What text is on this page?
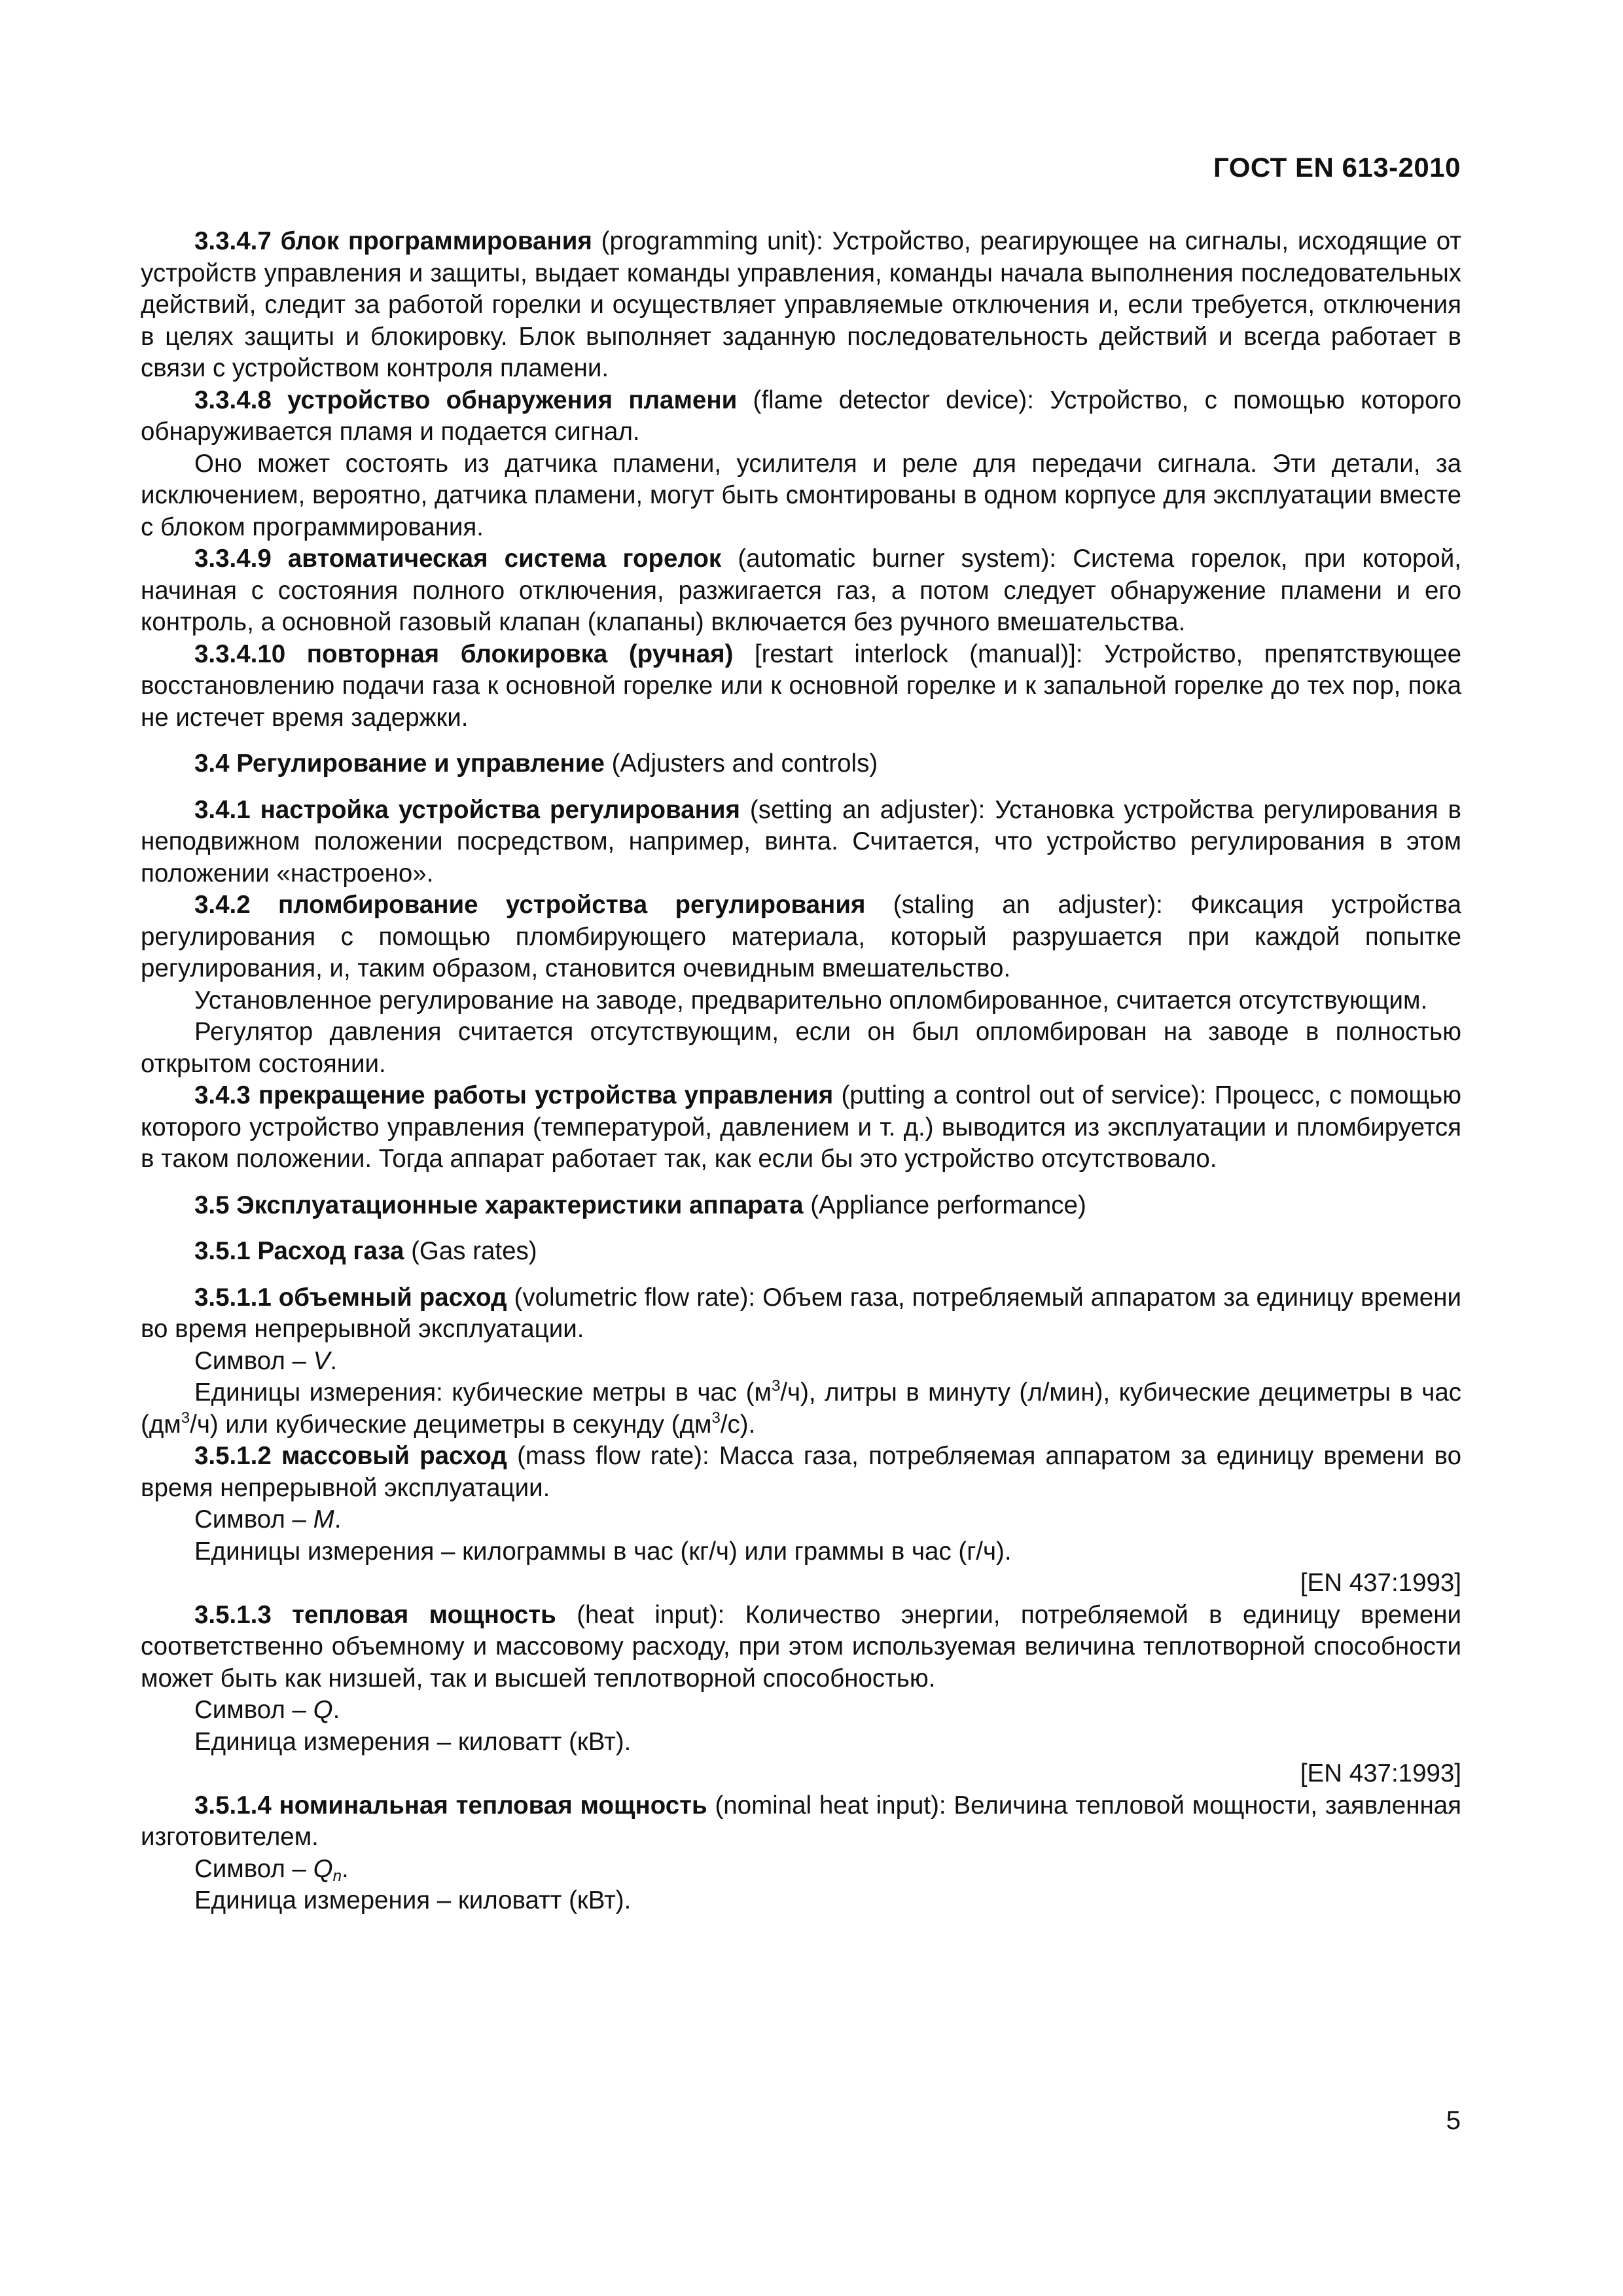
ГОСТ EN 613-2010

3.3.4.7 блок программирования (programming unit): Устройство, реагирующее на сигналы, исходящие от устройств управления и защиты, выдает команды управления, команды начала выполнения последовательных действий, следит за работой горелки и осуществляет управляемые отключения и, если требуется, отключения в целях защиты и блокировку. Блок выполняет заданную последовательность действий и всегда работает в связи с устройством контроля пламени.

3.3.4.8 устройство обнаружения пламени (flame detector device): Устройство, с помощью которого обнаруживается пламя и подается сигнал.

Оно может состоять из датчика пламени, усилителя и реле для передачи сигнала. Эти детали, за исключением, вероятно, датчика пламени, могут быть смонтированы в одном корпусе для эксплуатации вместе с блоком программирования.

3.3.4.9 автоматическая система горелок (automatic burner system): Система горелок, при которой, начиная с состояния полного отключения, разжигается газ, а потом следует обнаружение пламени и его контроль, а основной газовый клапан (клапаны) включается без ручного вмешательства.

3.3.4.10 повторная блокировка (ручная) [restart interlock (manual)]: Устройство, препятствующее восстановлению подачи газа к основной горелке или к основной горелке и к запальной горелке до тех пор, пока не истечет время задержки.

3.4 Регулирование и управление (Adjusters and controls)

3.4.1 настройка устройства регулирования (setting an adjuster): Установка устройства регулирования в неподвижном положении посредством, например, винта. Считается, что устройство регулирования в этом положении «настроено».

3.4.2 пломбирование устройства регулирования (staling an adjuster): Фиксация устройства регулирования с помощью пломбирующего материала, который разрушается при каждой попытке регулирования, и, таким образом, становится очевидным вмешательство.

Установленное регулирование на заводе, предварительно опломбированное, считается отсутствующим.

Регулятор давления считается отсутствующим, если он был опломбирован на заводе в полностью открытом состоянии.

3.4.3 прекращение работы устройства управления (putting a control out of service): Процесс, с помощью которого устройство управления (температурой, давлением и т. д.) выводится из эксплуатации и пломбируется в таком положении. Тогда аппарат работает так, как если бы это устройство отсутствовало.

3.5 Эксплуатационные характеристики аппарата (Appliance performance)

3.5.1 Расход газа (Gas rates)

3.5.1.1 объемный расход (volumetric flow rate): Объем газа, потребляемый аппаратом за единицу времени во время непрерывной эксплуатации.

Символ – V.

Единицы измерения: кубические метры в час $(м^3/ч)$, литры в минуту (л/мин), кубические дециметры в час $(дм^3/ч)$ или кубические дециметры в секунду $(дм^3/с)$.

3.5.1.2 массовый расход (mass flow rate): Масса газа, потребляемая аппаратом за единицу времени во время непрерывной эксплуатации.

Символ – M.

Единицы измерения – килограммы в час (кг/ч) или граммы в час (г/ч).

[EN 437:1993]

3.5.1.3 тепловая мощность (heat input): Количество энергии, потребляемой в единицу времени соответственно объемному и массовому расходу, при этом используемая величина теплотворной способности может быть как низшей, так и высшей теплотворной способностью.

Символ – Q.

Единица измерения – киловатт (кВт).

[EN 437:1993]

3.5.1.4 номинальная тепловая мощность (nominal heat input): Величина тепловой мощности, заявленная изготовителем.

Символ – $Q_n$.

Единица измерения – киловатт (кВт).

5
